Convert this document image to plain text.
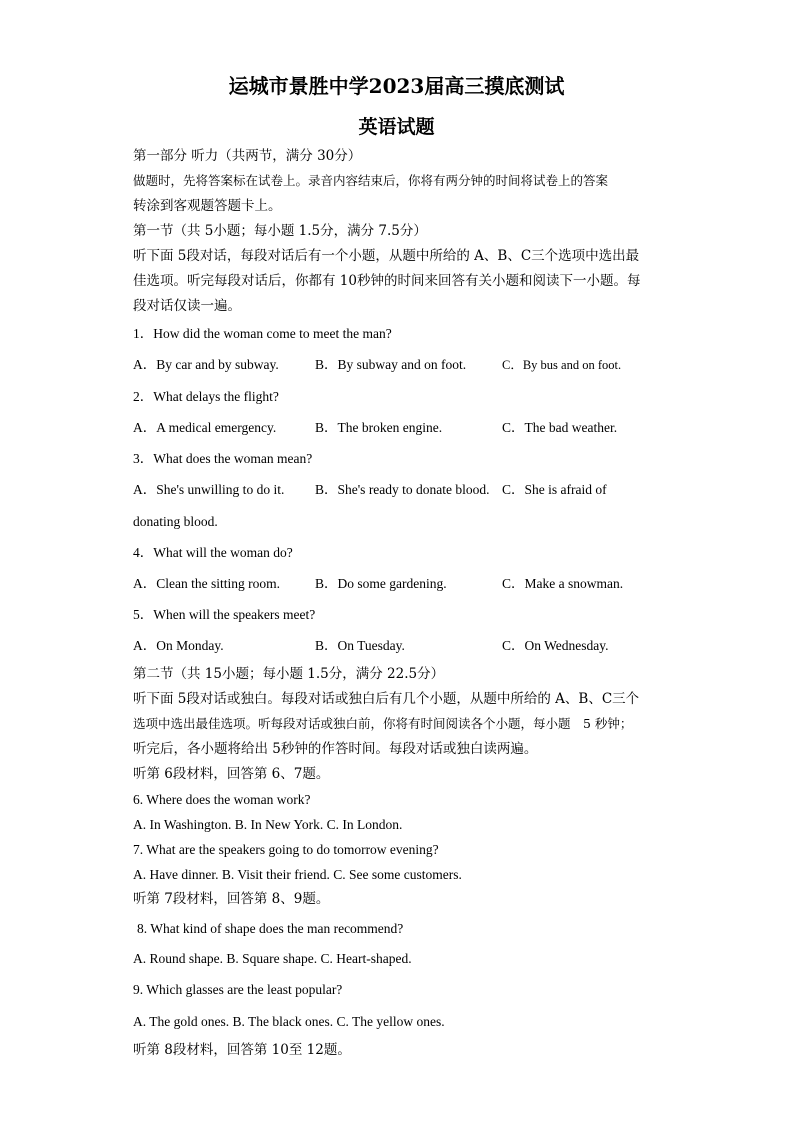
运城市景胜中学2023届高三摸底测试
英语试题
第一部分 听力（共两节，满分 30分）
做题时，先将答案标在试卷上。录音内容结束后，你将有两分钟的时间将试卷上的答案
转涂到客观题答题卡上。
第一节（共 5小题；每小题 1.5分，满分 7.5分）
听下面 5段对话，每段对话后有一个小题，从题中所给的 A、B、C三个选项中选出最
佳选项。听完每段对话后，你都有 10秒钟的时间来回答有关小题和阅读下一小题。每
段对话仅读一遍。
1．How did the woman come to meet the man?
A．By car and by subway.	B．By subway and on foot.	C．By bus and on foot.
2．What delays the flight?
A．A medical emergency.	B．The broken engine.	C．The bad weather.
3．What does the woman mean?
A．She's unwilling to do it. B．She's ready to donate blood. C．She is afraid of
donating blood.
4．What will the woman do?
A．Clean the sitting room.	B．Do some gardening.	C．Make a snowman.
5．When will the speakers meet?
A．On Monday.	B．On Tuesday.	C．On Wednesday.
第二节（共 15小题；每小题 1.5分，满分 22.5分）
听下面 5段对话或独白。每段对话或独白后有几个小题，从题中所给的 A、B、C三个
选项中选出最佳选项。听每段对话或独白前，你将有时间阅读各个小题，每小题　5 秒钟；
听完后，各小题将给出 5秒钟的作答时间。每段对话或独白读两遍。
听第 6段材料，回答第 6、7题。
6. Where does the woman work?
A. In Washington. B. In New York. C. In London.
7. What are the speakers going to do tomorrow evening?
A. Have dinner. B. Visit their friend. C. See some customers.
听第 7段材料，回答第 8、9题。
8. What kind of shape does the man recommend?
A. Round shape. B. Square shape. C. Heart-shaped.
9. Which glasses are the least popular?
A. The gold ones. B. The black ones. C. The yellow ones.
听第 8段材料，回答第 10至 12题。
